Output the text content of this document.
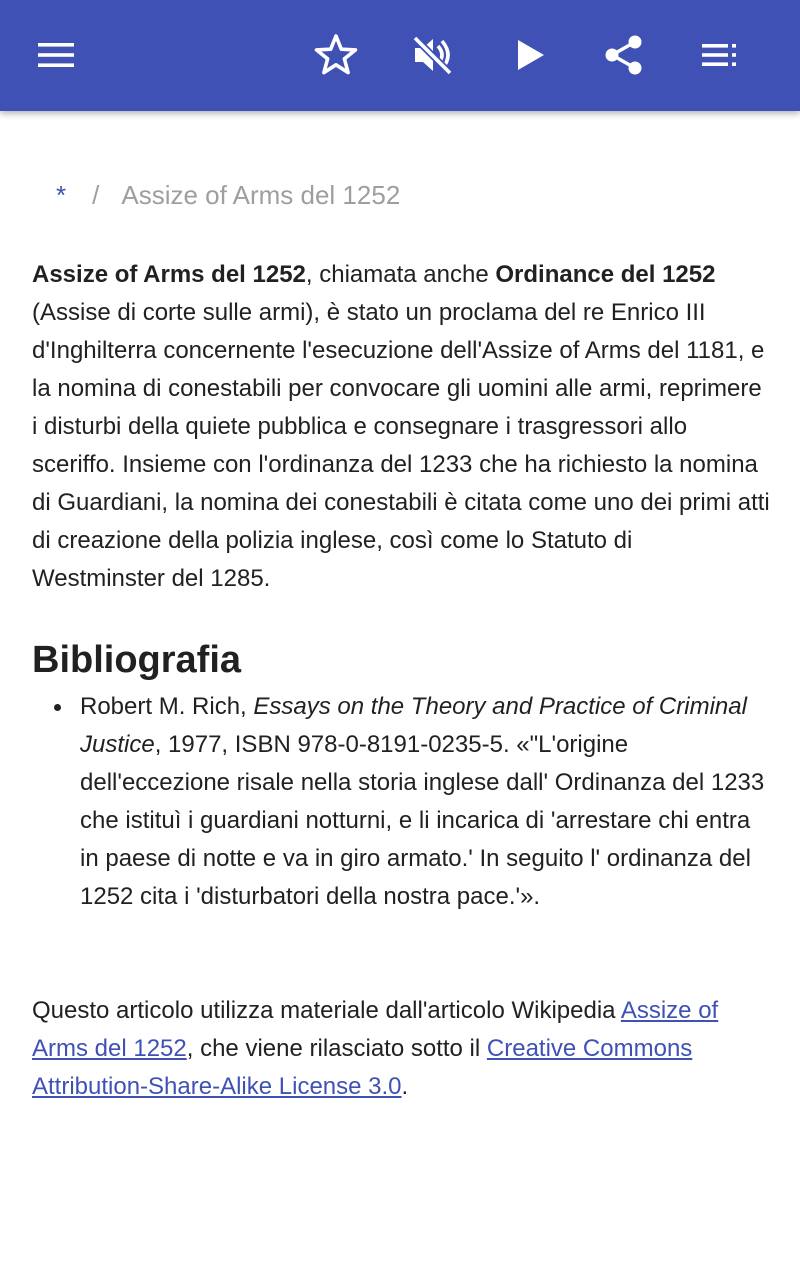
* / Assize of Arms del 1252

Assize of Arms del 1252, chiamata anche Ordinance del 1252 (Assise di corte sulle armi), è stato un proclama del re Enrico III d'Inghilterra concernente l'esecuzione dell'Assize of Arms del 1181, e la nomina di conestabili per convocare gli uomini alle armi, reprimere i disturbi della quiete pubblica e consegnare i trasgressori allo sceriffo. Insieme con l'ordinanza del 1233 che ha richiesto la nomina di Guardiani, la nomina dei conestabili è citata come uno dei primi atti di creazione della polizia inglese, così come lo Statuto di Westminster del 1285.

Bibliografia
Robert M. Rich, Essays on the Theory and Practice of Criminal Justice, 1977, ISBN 978-0-8191-0235-5. «"L'origine dell'eccezione risale nella storia inglese dall' Ordinanza del 1233 che istituì i guardiani notturni, e li incarica di 'arrestare chi entra in paese di notte e va in giro armato.' In seguito l' ordinanza del 1252 cita i 'disturbatori della nostra pace.'».

Questo articolo utilizza materiale dall'articolo Wikipedia Assize of Arms del 1252, che viene rilasciato sotto il Creative Commons Attribution-Share-Alike License 3.0.
